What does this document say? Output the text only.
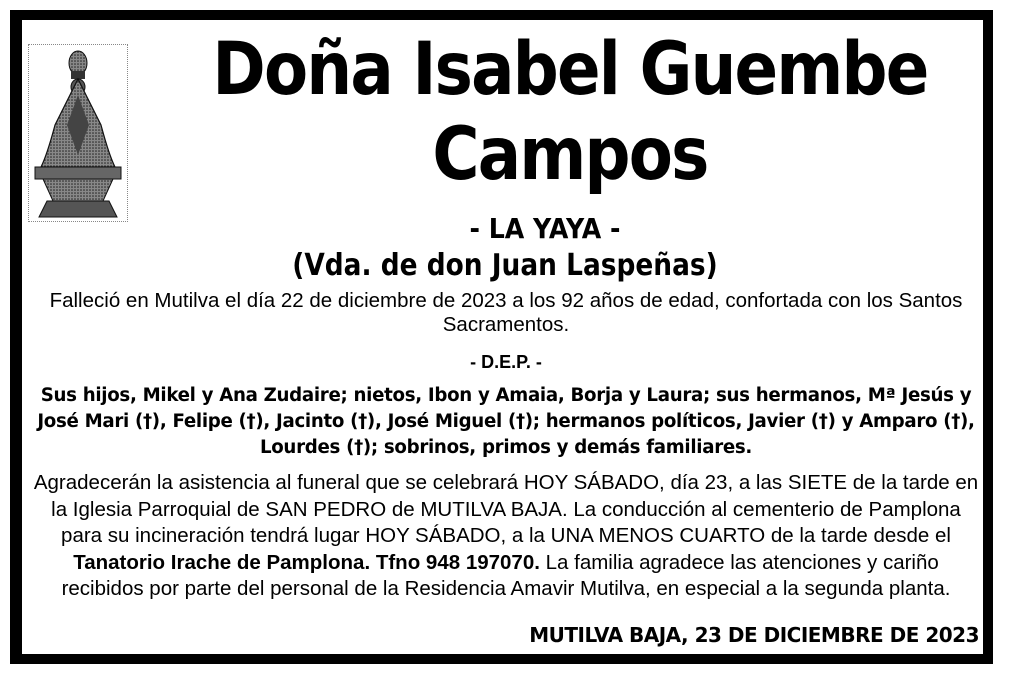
Doña Isabel Guembe
Campos
- LA YAYA -
(Vda. de don Juan Laspeñas)
Falleció en Mutilva el día 22 de diciembre de 2023 a los 92 años de edad, confortada con los Santos Sacramentos.
- D.E.P. -
Sus hijos, Mikel y Ana Zudaire; nietos, Ibon y Amaia, Borja y Laura; sus hermanos, Mª Jesús y José Mari (†), Felipe (†), Jacinto (†), José Miguel (†); hermanos políticos, Javier (†) y Amparo (†), Lourdes (†); sobrinos, primos y demás familiares.
Agradecerán la asistencia al funeral que se celebrará HOY SÁBADO, día 23, a las SIETE de la tarde en la Iglesia Parroquial de SAN PEDRO de MUTILVA BAJA. La conducción al cementerio de Pamplona para su incineración tendrá lugar HOY SÁBADO, a la UNA MENOS CUARTO de la tarde desde el Tanatorio Irache de Pamplona. Tfno 948 197070. La familia agradece las atenciones y cariño recibidos por parte del personal de la Residencia Amavir Mutilva, en especial a la segunda planta.
MUTILVA BAJA, 23 DE DICIEMBRE DE 2023
